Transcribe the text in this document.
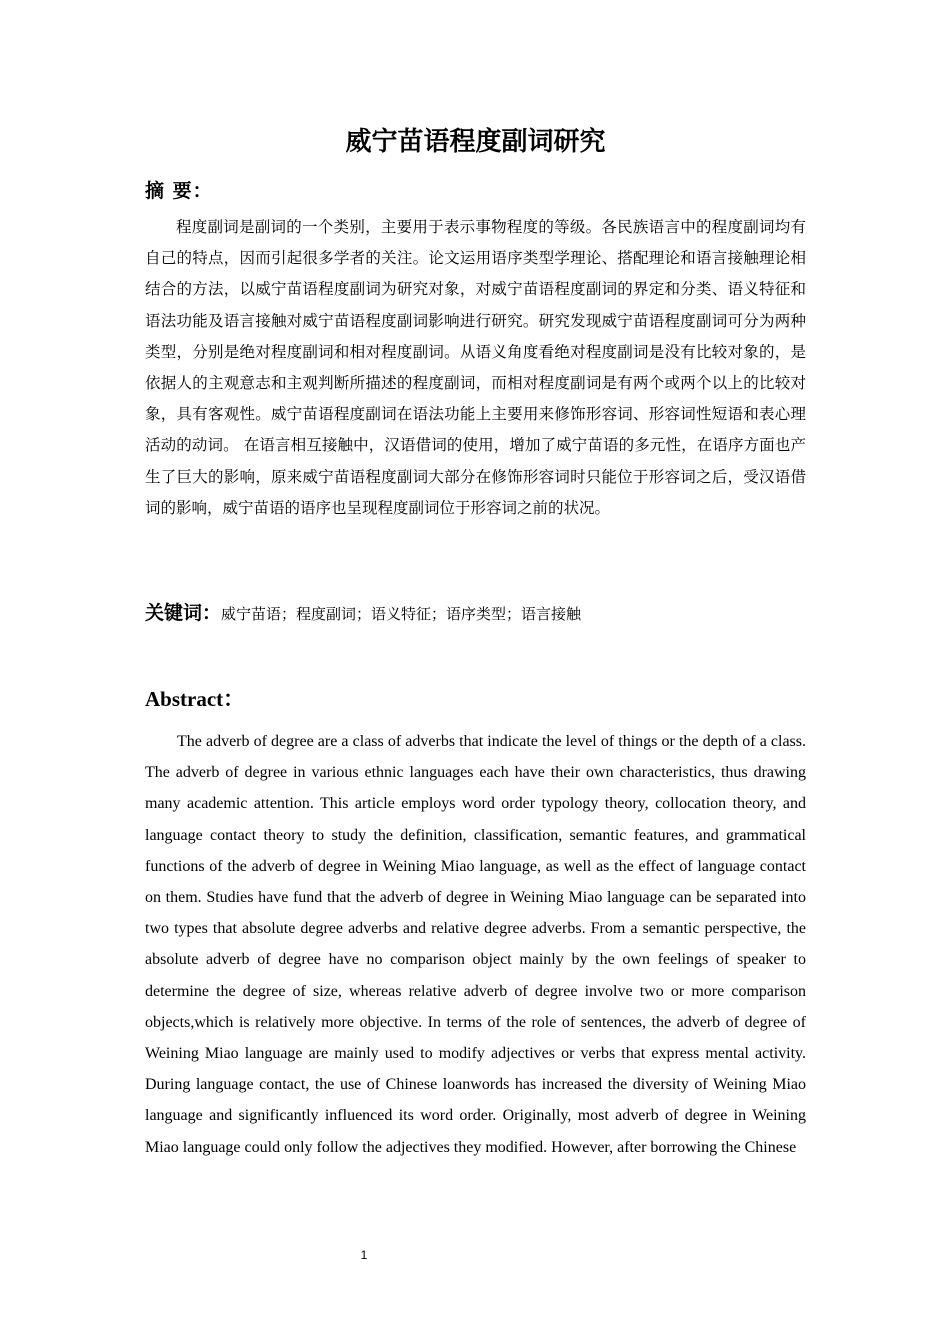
威宁苗语程度副词研究
摘 要：

程度副词是副词的一个类别，主要用于表示事物程度的等级。各民族语言中的程度副词均有自己的特点，因而引起很多学者的关注。论文运用语序类型学理论、搭配理论和语言接触理论相结合的方法，以威宁苗语程度副词为研究对象，对威宁苗语程度副词的界定和分类、语义特征和语法功能及语言接触对威宁苗语程度副词影响进行研究。研究发现威宁苗语程度副词可分为两种类型，分别是绝对程度副词和相对程度副词。从语义角度看绝对程度副词是没有比较对象的，是依据人的主观意志和主观判断所描述的程度副词，而相对程度副词是有两个或两个以上的比较对象，具有客观性。威宁苗语程度副词在语法功能上主要用来修饰形容词、形容词性短语和表心理活动的动词。 在语言相互接触中，汉语借词的使用，增加了威宁苗语的多元性，在语序方面也产生了巨大的影响，原来威宁苗语程度副词大部分在修饰形容词时只能位于形容词之后，受汉语借词的影响，威宁苗语的语序也呈现程度副词位于形容词之前的状况。

关键词：威宁苗语；程度副词；语义特征；语序类型；语言接触
Abstract：

The adverb of degree are a class of adverbs that indicate the level of things or the depth of a class. The adverb of degree in various ethnic languages each have their own characteristics, thus drawing many academic attention. This article employs word order typology theory, collocation theory, and language contact theory to study the definition, classification, semantic features, and grammatical functions of the adverb of degree in Weining Miao language, as well as the effect of language contact on them. Studies have fund that the adverb of degree in Weining Miao language can be separated into two types that absolute degree adverbs and relative degree adverbs. From a semantic perspective, the absolute adverb of degree have no comparison object mainly by the own feelings of speaker to determine the degree of size, whereas relative adverb of degree involve two or more comparison objects,which is relatively more objective. In terms of the role of sentences, the adverb of degree of Weining Miao language are mainly used to modify adjectives or verbs that express mental activity. During language contact, the use of Chinese loanwords has increased the diversity of Weining Miao language and significantly influenced its word order. Originally, most adverb of degree in Weining Miao language could only follow the adjectives they modified. However, after borrowing the Chinese

1
